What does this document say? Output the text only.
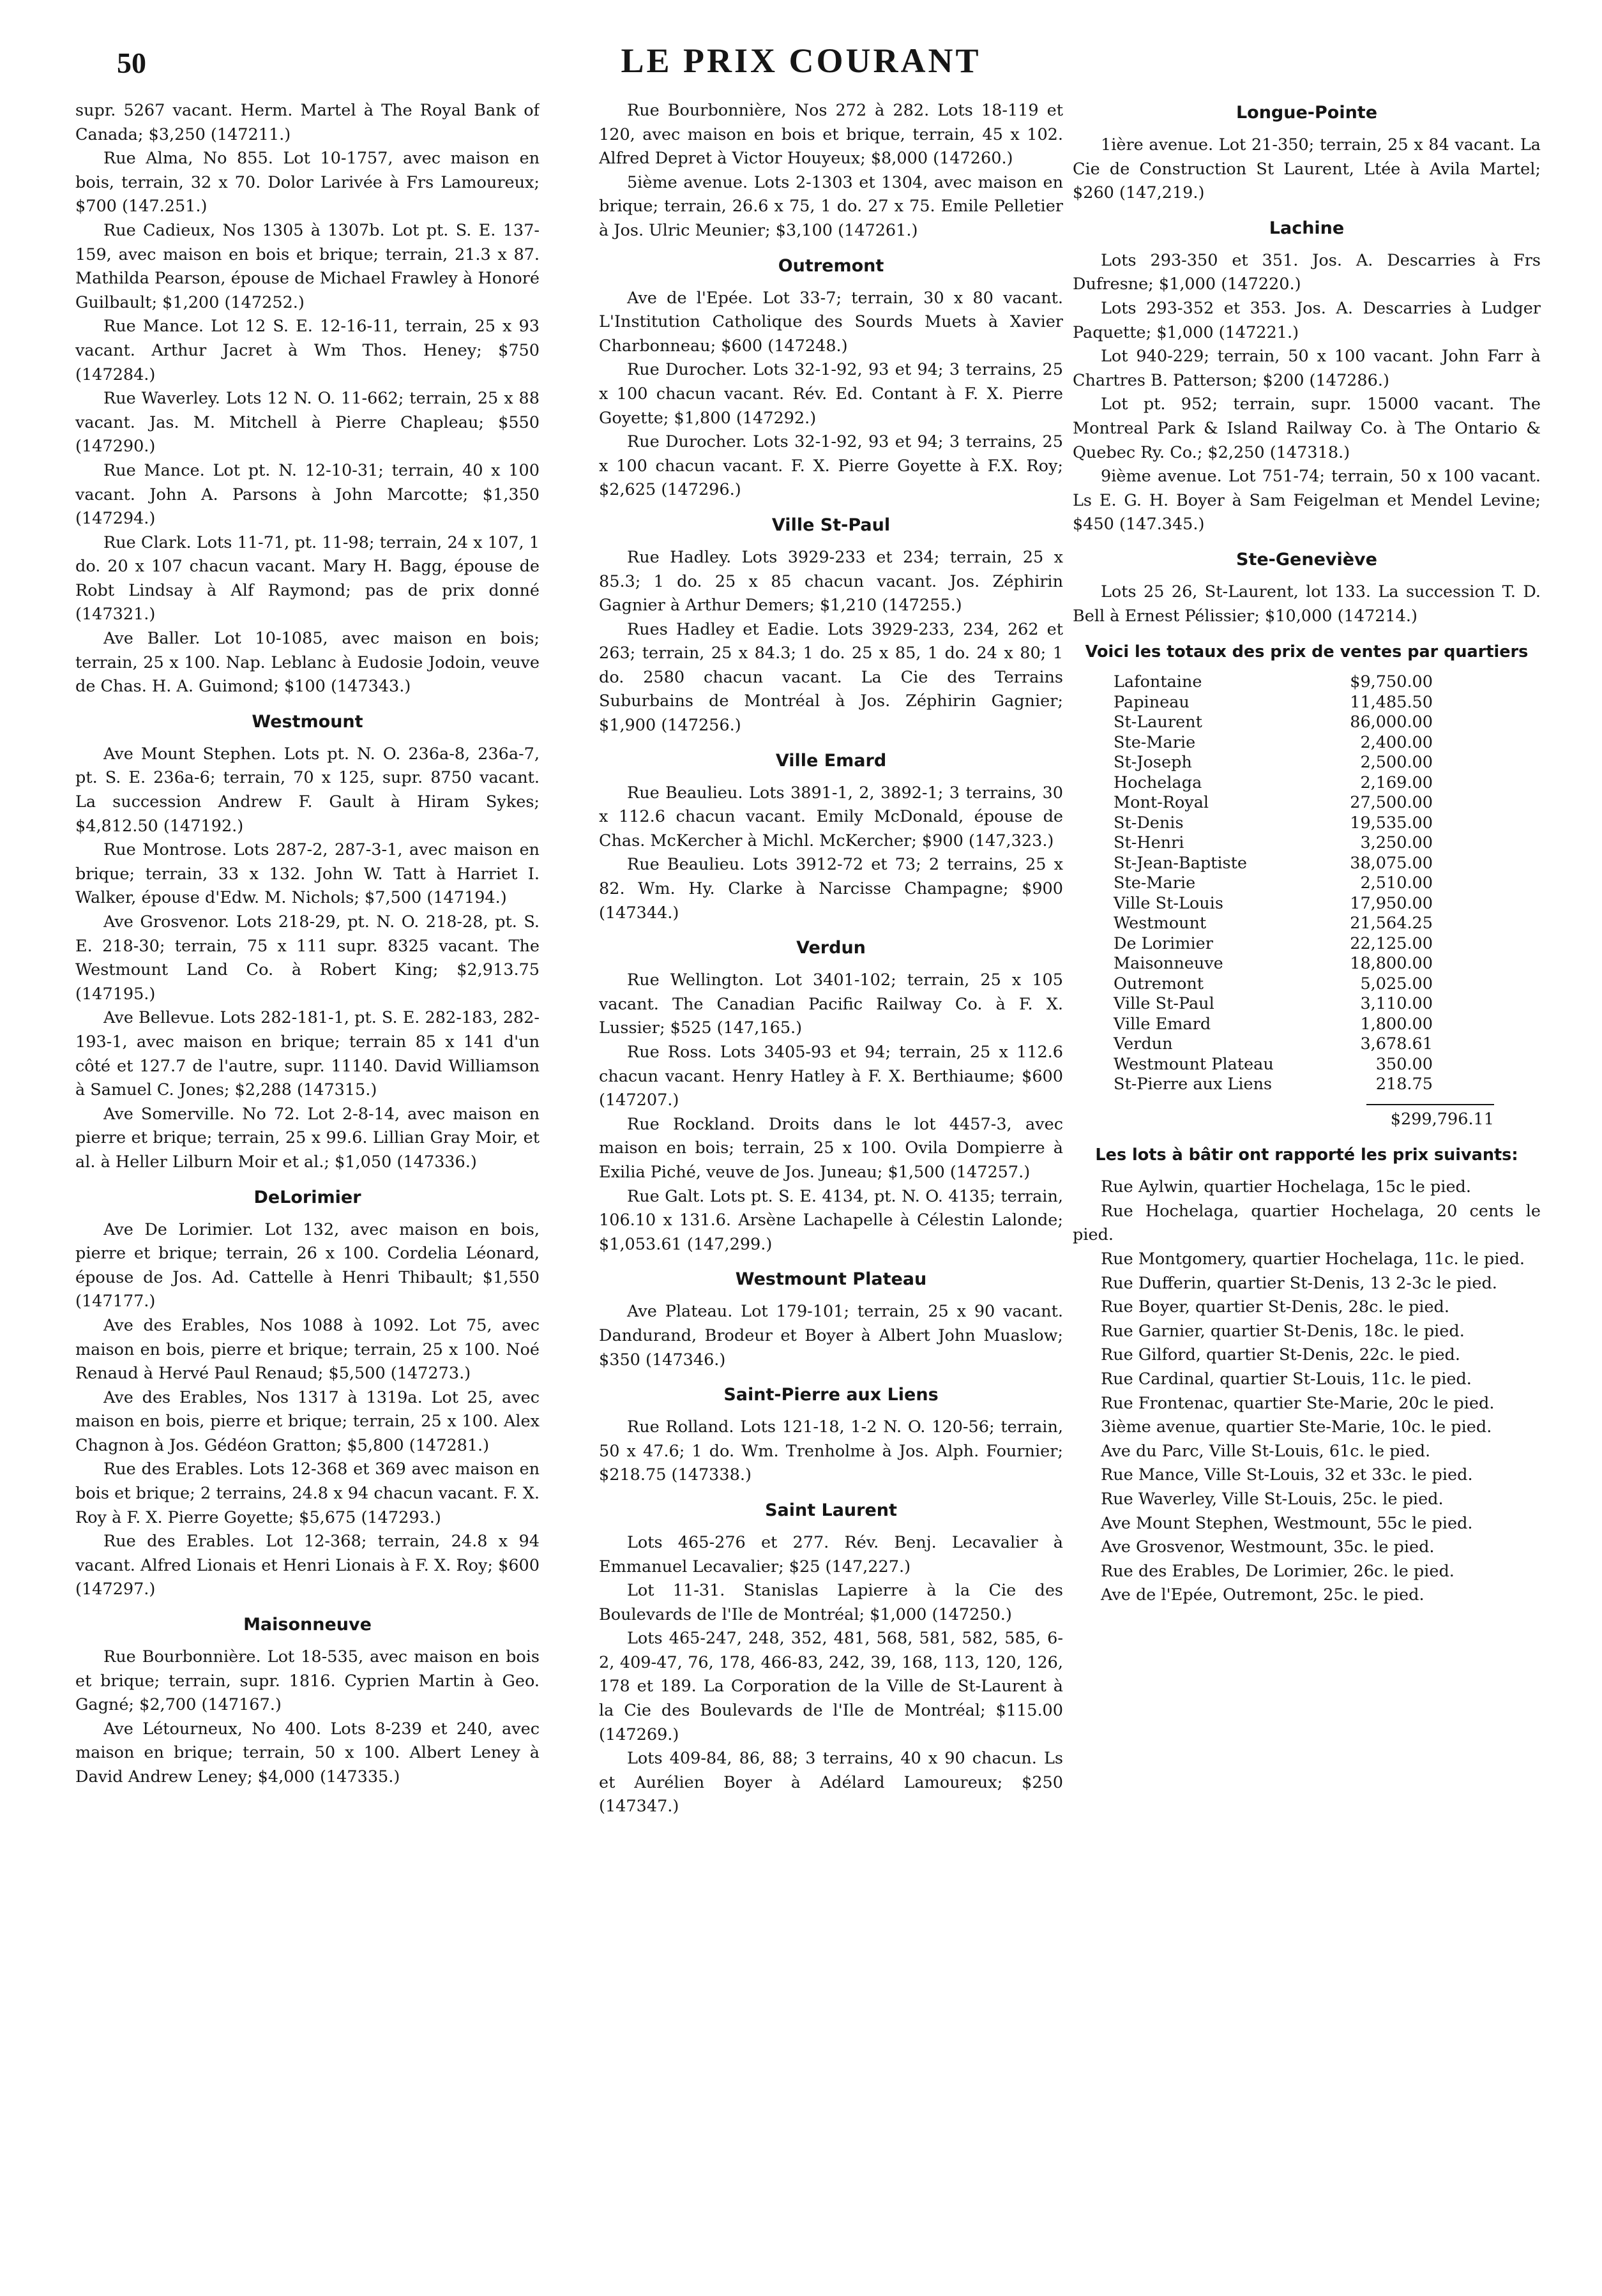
50	LE PRIX COURANT

supr. 5267 vacant. Herm. Martel à The Royal Bank of Canada; $3,250 (147211.)

Rue Alma, No 855. Lot 10-1757, avec maison en bois, terrain, 32 x 70. Dolor Larivée à Frs Lamoureux; $700 (147.251.)

Rue Cadieux, Nos 1305 à 1307b. Lot pt. S. E. 137-159, avec maison en bois et brique; terrain, 21.3 x 87. Mathilda Pearson, épouse de Michael Frawley à Honoré Guilbault; $1,200 (147252.)

Rue Mance. Lot 12 S. E. 12-16-11, terrain, 25 x 93 vacant. Arthur Jacret à Wm Thos. Heney; $750 (147284.)

Rue Waverley. Lots 12 N. O. 11-662; terrain, 25 x 88 vacant. Jas. M. Mitchell à Pierre Chapleau; $550 (147290.)

Rue Mance. Lot pt. N. 12-10-31; terrain, 40 x 100 vacant. John A. Parsons à John Marcotte; $1,350 (147294.)

Rue Clark. Lots 11-71, pt. 11-98; terrain, 24 x 107, 1 do. 20 x 107 chacun vacant. Mary H. Bagg, épouse de Robt Lindsay à Alf Raymond; pas de prix donné (147321.)

Ave Baller. Lot 10-1085, avec maison en bois; terrain, 25 x 100. Nap. Leblanc à Eudosie Jodoin, veuve de Chas. H. A. Guimond; $100 (147343.)

Westmount

Ave Mount Stephen. Lots pt. N. O. 236a-8, 236a-7, pt. S. E. 236a-6; terrain, 70 x 125, supr. 8750 vacant. La succession Andrew F. Gault à Hiram Sykes; $4,812.50 (147192.)

Rue Montrose. Lots 287-2, 287-3-1, avec maison en brique; terrain, 33 x 132. John W. Tatt à Harriet I. Walker, épouse d'Edw. M. Nichols; $7,500 (147194.)

Ave Grosvenor. Lots 218-29, pt. N. O. 218-28, pt. S. E. 218-30; terrain, 75 x 111 supr. 8325 vacant. The Westmount Land Co. à Robert King; $2,913.75 (147195.)

Ave Bellevue. Lots 282-181-1, pt. S. E. 282-183, 282-193-1, avec maison en brique; terrain 85 x 141 d'un côté et 127.7 de l'autre, supr. 11140. David Williamson à Samuel C. Jones; $2,288 (147315.)

Ave Somerville. No 72. Lot 2-8-14, avec maison en pierre et brique; terrain, 25 x 99.6. Lillian Gray Moir, et al. à Heller Lilburn Moir et al.; $1,050 (147336.)

DeLorimier

Ave De Lorimier. Lot 132, avec maison en bois, pierre et brique; terrain, 26 x 100. Cordelia Léonard, épouse de Jos. Ad. Cattelle à Henri Thibault; $1,550 (147177.)

Ave des Erables, Nos 1088 à 1092. Lot 75, avec maison en bois, pierre et brique; terrain, 25 x 100. Noé Renaud à Hervé Paul Renaud; $5,500 (147273.)

Ave des Erables, Nos 1317 à 1319a. Lot 25, avec maison en bois, pierre et brique; terrain, 25 x 100. Alex Chagnon à Jos. Gédéon Gratton; $5,800 (147281.)

Rue des Erables. Lots 12-368 et 369 avec maison en bois et brique; 2 terrains, 24.8 x 94 chacun vacant. F. X. Roy à F. X. Pierre Goyette; $5,675 (147293.)

Rue des Erables. Lot 12-368; terrain, 24.8 x 94 vacant. Alfred Lionais et Henri Lionais à F. X. Roy; $600 (147297.)

Maisonneuve

Rue Bourbonnière. Lot 18-535, avec maison en bois et brique; terrain, supr. 1816. Cyprien Martin à Geo. Gagné; $2,700 (147167.)

Ave Létourneux, No 400. Lots 8-239 et 240, avec maison en brique; terrain, 50 x 100. Albert Leney à David Andrew Leney; $4,000 (147335.)

Rue Bourbonnière, Nos 272 à 282. Lots 18-119 et 120, avec maison en bois et brique, terrain, 45 x 102. Alfred Depret à Victor Houyeux; $8,000 (147260.)

5ième avenue. Lots 2-1303 et 1304, avec maison en brique; terrain, 26.6 x 75, 1 do. 27 x 75. Emile Pelletier à Jos. Ulric Meunier; $3,100 (147261.)

Outremont

Ave de l'Epée. Lot 33-7; terrain, 30 x 80 vacant. L'Institution Catholique des Sourds Muets à Xavier Charbonneau; $600 (147248.)

Rue Durocher. Lots 32-1-92, 93 et 94; 3 terrains, 25 x 100 chacun vacant. Rév. Ed. Contant à F. X. Pierre Goyette; $1,800 (147292.)

Rue Durocher. Lots 32-1-92, 93 et 94; 3 terrains, 25 x 100 chacun vacant. F. X. Pierre Goyette à F.X. Roy; $2,625 (147296.)

Ville St-Paul

Rue Hadley. Lots 3929-233 et 234; terrain, 25 x 85.3; 1 do. 25 x 85 chacun vacant. Jos. Zéphirin Gagnier à Arthur Demers; $1,210 (147255.)

Rues Hadley et Eadie. Lots 3929-233, 234, 262 et 263; terrain, 25 x 84.3; 1 do. 25 x 85, 1 do. 24 x 80; 1 do. 2580 chacun vacant. La Cie des Terrains Suburbains de Montréal à Jos. Zéphirin Gagnier; $1,900 (147256.)

Ville Emard

Rue Beaulieu. Lots 3891-1, 2, 3892-1; 3 terrains, 30 x 112.6 chacun vacant. Emily McDonald, épouse de Chas. McKercher à Michl. McKercher; $900 (147,323.)

Rue Beaulieu. Lots 3912-72 et 73; 2 terrains, 25 x 82. Wm. Hy. Clarke à Narcisse Champagne; $900 (147344.)

Verdun

Rue Wellington. Lot 3401-102; terrain, 25 x 105 vacant. The Canadian Pacific Railway Co. à F. X. Lussier; $525 (147,165.)

Rue Ross. Lots 3405-93 et 94; terrain, 25 x 112.6 chacun vacant. Henry Hatley à F. X. Berthiaume; $600 (147207.)

Rue Rockland. Droits dans le lot 4457-3, avec maison en bois; terrain, 25 x 100. Ovila Dompierre à Exilia Piché, veuve de Jos. Juneau; $1,500 (147257.)

Rue Galt. Lots pt. S. E. 4134, pt. N. O. 4135; terrain, 106.10 x 131.6. Arsène Lachapelle à Célestin Lalonde; $1,053.61 (147,299.)

Westmount Plateau

Ave Plateau. Lot 179-101; terrain, 25 x 90 vacant. Dandurand, Brodeur et Boyer à Albert John Muaslow; $350 (147346.)

Saint-Pierre aux Liens

Rue Rolland. Lots 121-18, 1-2 N. O. 120-56; terrain, 50 x 47.6; 1 do. Wm. Trenholme à Jos. Alph. Fournier; $218.75 (147338.)

Saint Laurent

Lots 465-276 et 277. Rév. Benj. Lecavalier à Emmanuel Lecavalier; $25 (147,227.)

Lot 11-31. Stanislas Lapierre à la Cie des Boulevards de l'Ile de Montréal; $1,000 (147250.)

Lots 465-247, 248, 352, 481, 568, 581, 582, 585, 6-2, 409-47, 76, 178, 466-83, 242, 39, 168, 113, 120, 126, 178 et 189. La Corporation de la Ville de St-Laurent à la Cie des Boulevards de l'Ile de Montréal; $115.00 (147269.)

Lots 409-84, 86, 88; 3 terrains, 40 x 90 chacun. Ls et Aurélien Boyer à Adélard Lamoureux; $250 (147347.)

Longue-Pointe

1ière avenue. Lot 21-350; terrain, 25 x 84 vacant. La Cie de Construction St Laurent, Ltée à Avila Martel; $260 (147,219.)

Lachine

Lots 293-350 et 351. Jos. A. Descarries à Frs Dufresne; $1,000 (147220.)

Lots 293-352 et 353. Jos. A. Descarries à Ludger Paquette; $1,000 (147221.)

Lot 940-229; terrain, 50 x 100 vacant. John Farr à Chartres B. Patterson; $200 (147286.)

Lot pt. 952; terrain, supr. 15000 vacant. The Montreal Park & Island Railway Co. à The Ontario & Quebec Ry. Co.; $2,250 (147318.)

9ième avenue. Lot 751-74; terrain, 50 x 100 vacant. Ls E. G. H. Boyer à Sam Feigelman et Mendel Levine; $450 (147.345.)

Ste-Geneviève

Lots 25 26, St-Laurent, lot 133. La succession T. D. Bell à Ernest Pélissier; $10,000 (147214.)

Voici les totaux des prix de ventes par quartiers
Lafontaine	$9,750.00
Papineau	11,485.50
St-Laurent	86,000.00
Ste-Marie	2,400.00
St-Joseph	2,500.00
Hochelaga	2,169.00
Mont-Royal	27,500.00
St-Denis	19,535.00
St-Henri	3,250.00
St-Jean-Baptiste	38,075.00
Ste-Marie	2,510.00
Ville St-Louis	17,950.00
Westmount	21,564.25
De Lorimier	22,125.00
Maisonneuve	18,800.00
Outremont	5,025.00
Ville St-Paul	3,110.00
Ville Emard	1,800.00
Verdun	3,678.61
Westmount Plateau	350.00
St-Pierre aux Liens	218.75
$299,796.11
Les lots à bâtir ont rapporté les prix suivants:

Rue Aylwin, quartier Hochelaga, 15c le pied.

Rue Hochelaga, quartier Hochelaga, 20 cents le pied.

Rue Montgomery, quartier Hochelaga, 11c. le pied.

Rue Dufferin, quartier St-Denis, 13 2-3c le pied.

Rue Boyer, quartier St-Denis, 28c. le pied.

Rue Garnier, quartier St-Denis, 18c. le pied.

Rue Gilford, quartier St-Denis, 22c. le pied.

Rue Cardinal, quartier St-Louis, 11c. le pied.

Rue Frontenac, quartier Ste-Marie, 20c le pied.

3ième avenue, quartier Ste-Marie, 10c. le pied.

Ave du Parc, Ville St-Louis, 61c. le pied.

Rue Mance, Ville St-Louis, 32 et 33c. le pied.

Rue Waverley, Ville St-Louis, 25c. le pied.

Ave Mount Stephen, Westmount, 55c le pied.

Ave Grosvenor, Westmount, 35c. le pied.

Rue des Erables, De Lorimier, 26c. le pied.

Ave de l'Epée, Outremont, 25c. le pied.
